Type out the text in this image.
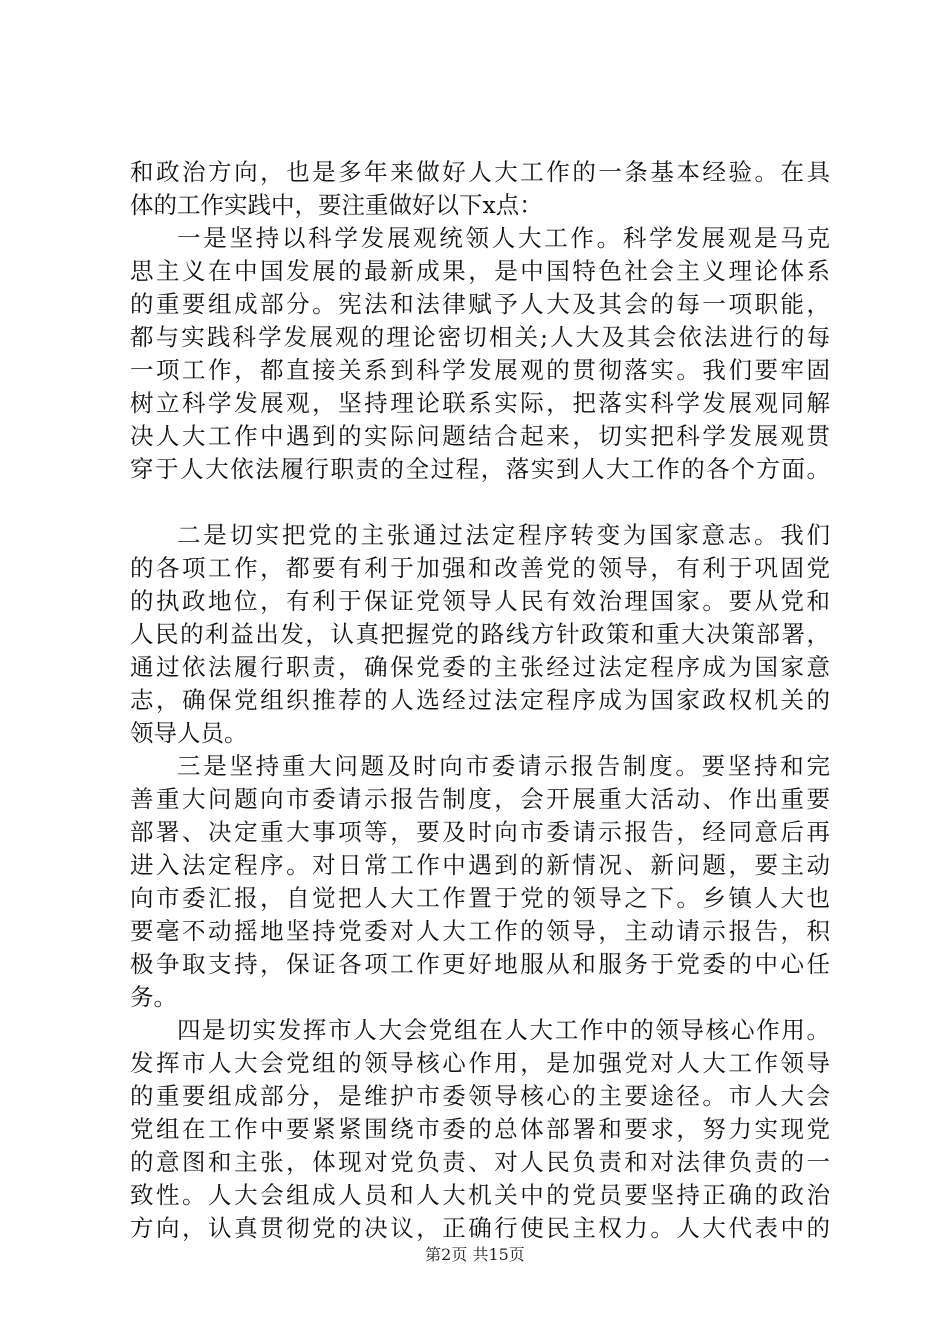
和政治方向，也是多年来做好人大工作的一条基本经验。在具
体的工作实践中，要注重做好以下x点：
一是坚持以科学发展观统领人大工作。科学发展观是马克
思主义在中国发展的最新成果，是中国特色社会主义理论体系
的重要组成部分。宪法和法律赋予人大及其会的每一项职能，
都与实践科学发展观的理论密切相关;人大及其会依法进行的每
一项工作，都直接关系到科学发展观的贯彻落实。我们要牢固
树立科学发展观，坚持理论联系实际，把落实科学发展观同解
决人大工作中遇到的实际问题结合起来，切实把科学发展观贯
穿于人大依法履行职责的全过程，落实到人大工作的各个方面。
二是切实把党的主张通过法定程序转变为国家意志。我们
的各项工作，都要有利于加强和改善党的领导，有利于巩固党
的执政地位，有利于保证党领导人民有效治理国家。要从党和
人民的利益出发，认真把握党的路线方针政策和重大决策部署，
通过依法履行职责，确保党委的主张经过法定程序成为国家意
志，确保党组织推荐的人选经过法定程序成为国家政权机关的
领导人员。
三是坚持重大问题及时向市委请示报告制度。要坚持和完
善重大问题向市委请示报告制度，会开展重大活动、作出重要
部署、决定重大事项等，要及时向市委请示报告，经同意后再
进入法定程序。对日常工作中遇到的新情况、新问题，要主动
向市委汇报，自觉把人大工作置于党的领导之下。乡镇人大也
要毫不动摇地坚持党委对人大工作的领导，主动请示报告，积
极争取支持，保证各项工作更好地服从和服务于党委的中心任
务。
四是切实发挥市人大会党组在人大工作中的领导核心作用。
发挥市人大会党组的领导核心作用，是加强党对人大工作领导
的重要组成部分，是维护市委领导核心的主要途径。市人大会
党组在工作中要紧紧围绕市委的总体部署和要求，努力实现党
的意图和主张，体现对党负责、对人民负责和对法律负责的一
致性。人大会组成人员和人大机关中的党员要坚持正确的政治
方向，认真贯彻党的决议，正确行使民主权力。人大代表中的
第2页 共15页
